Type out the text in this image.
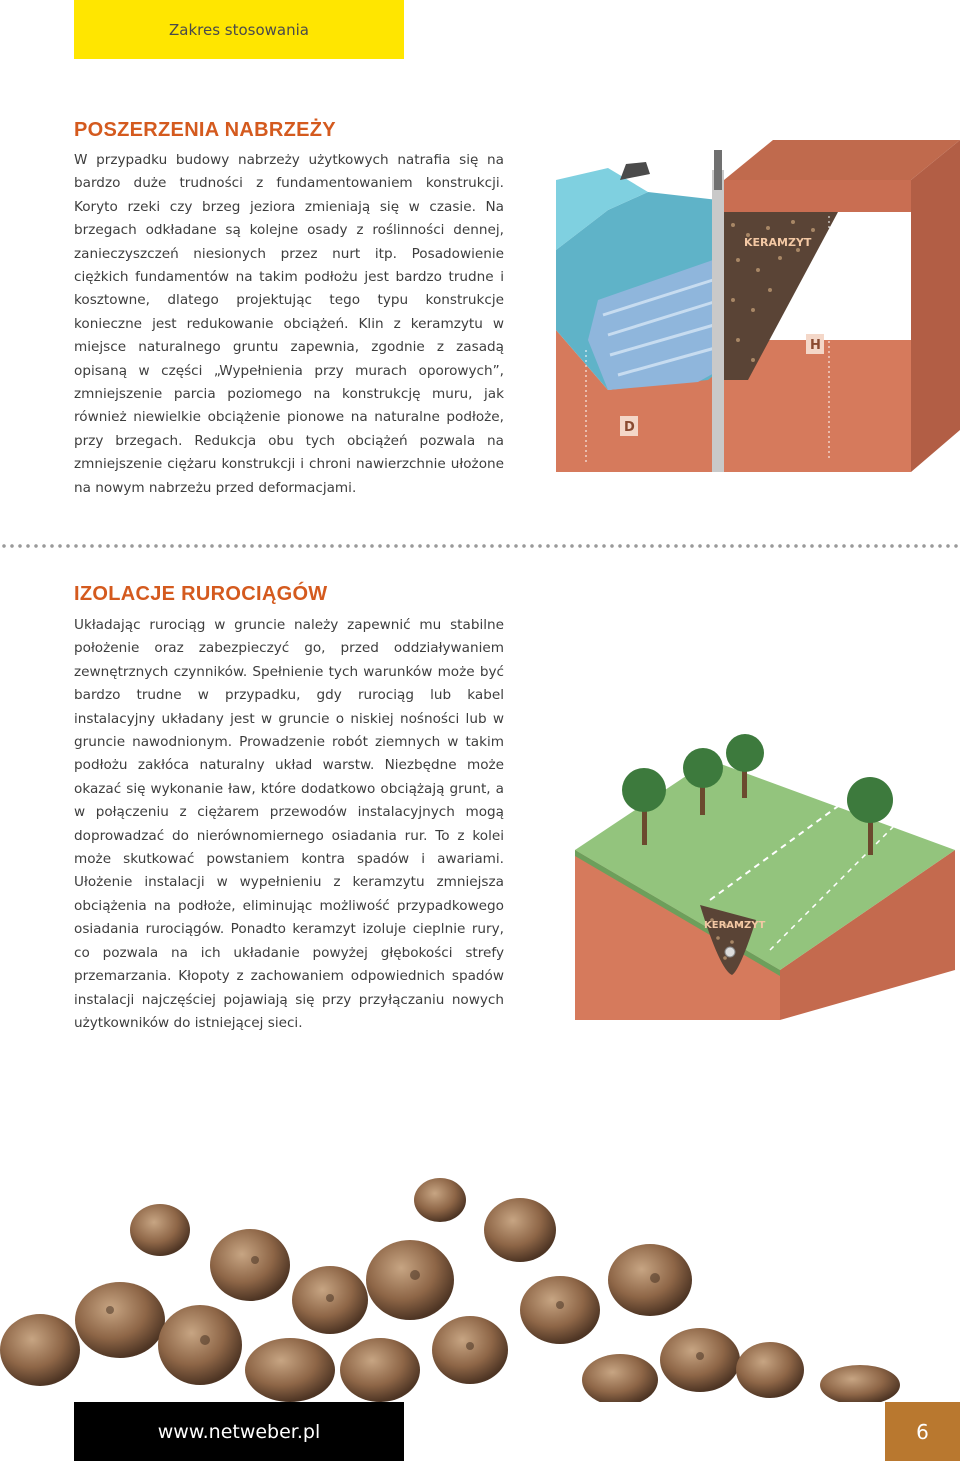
Zakres stosowania
POSZERZENIA NABRZEŻY

W przypadku budowy nabrzeży użytkowych natrafia się na bardzo duże trudności z fundamentowaniem konstrukcji. Koryto rzeki czy brzeg jeziora zmieniają się w czasie. Na brzegach odkładane są kolejne osady z roślinności dennej, zanieczyszczeń niesionych przez nurt itp. Posadowienie ciężkich fundamentów na takim podłożu jest bardzo trudne i kosztowne, dlatego projektując tego typu konstrukcje konieczne jest redukowanie obciążeń. Klin z keramzytu w miejsce naturalnego gruntu zapewnia, zgodnie z zasadą opisaną w części „Wypełnienia przy murach oporowych”, zmniejszenie parcia poziomego na konstrukcję muru, jak również niewielkie obciążenie pionowe na naturalne podłoże, przy brzegach. Redukcja obu tych obciążeń pozwala na zmniejszenie ciężaru konstrukcji i chroni nawierzchnie ułożone na nowym nabrzeżu przed deformacjami.

KERAMZYT
H
D
IZOLACJE RUROCIĄGÓW

Układając rurociąg w gruncie należy zapewnić mu stabilne położenie oraz zabezpieczyć go, przed oddziaływaniem zewnętrznych czynników. Spełnienie tych warunków może być bardzo trudne w przypadku, gdy rurociąg lub kabel instalacyjny układany jest w gruncie o niskiej nośności lub w gruncie nawodnionym. Prowadzenie robót ziemnych w takim podłożu zakłóca naturalny układ warstw. Niezbędne może okazać się wykonanie ław, które dodatkowo obciążają grunt, a w połączeniu z ciężarem przewodów instalacyjnych mogą doprowadzać do nierównomiernego osiadania rur. To z kolei może skutkować powstaniem kontra spadów i awariami. Ułożenie instalacji w wypełnieniu z keramzytu zmniejsza obciążenia na podłoże, eliminując możliwość przypadkowego osiadania rurociągów. Ponadto keramzyt izoluje cieplnie rury, co pozwala na ich układanie powyżej głębokości strefy przemarzania. Kłopoty z zachowaniem odpowiednich spadów instalacji najczęściej pojawiają się przy przyłączaniu nowych użytkowników do istniejącej sieci.

KERAMZYT
www.netweber.pl	6
